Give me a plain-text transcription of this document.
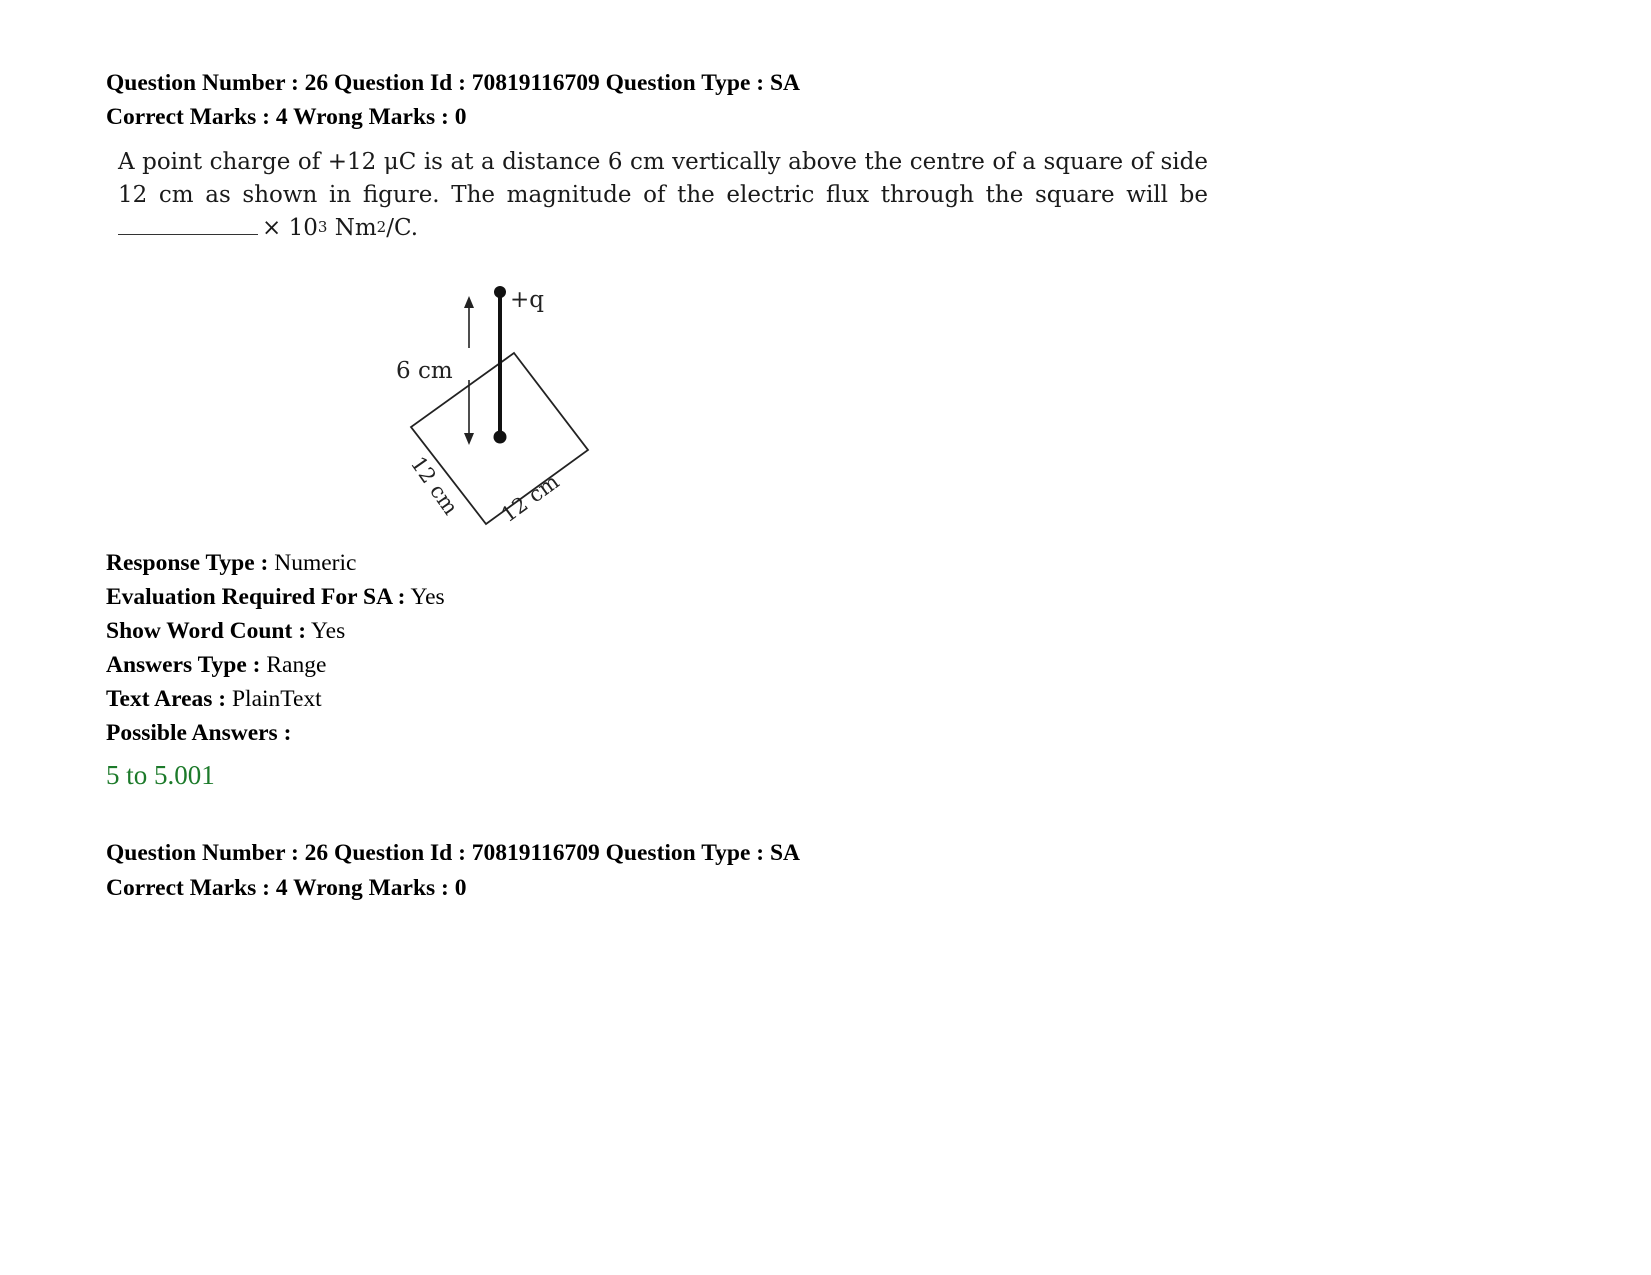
Question Number : 26 Question Id : 70819116709 Question Type : SA
Correct Marks : 4 Wrong Marks : 0
A point charge of +12 μC is at a distance 6 cm vertically above the centre of a square of side
12 cm as shown in figure. The magnitude of the electric flux through the square will be
× $10^3$ $Nm^2/C$.
+q
6 cm
12 cm 12 cm
Response Type : Numeric
Evaluation Required For SA : Yes
Show Word Count : Yes
Answers Type : Range
Text Areas : PlainText
Possible Answers :
5 to 5.001
Question Number : 26 Question Id : 70819116709 Question Type : SA
Correct Marks : 4 Wrong Marks : 0
